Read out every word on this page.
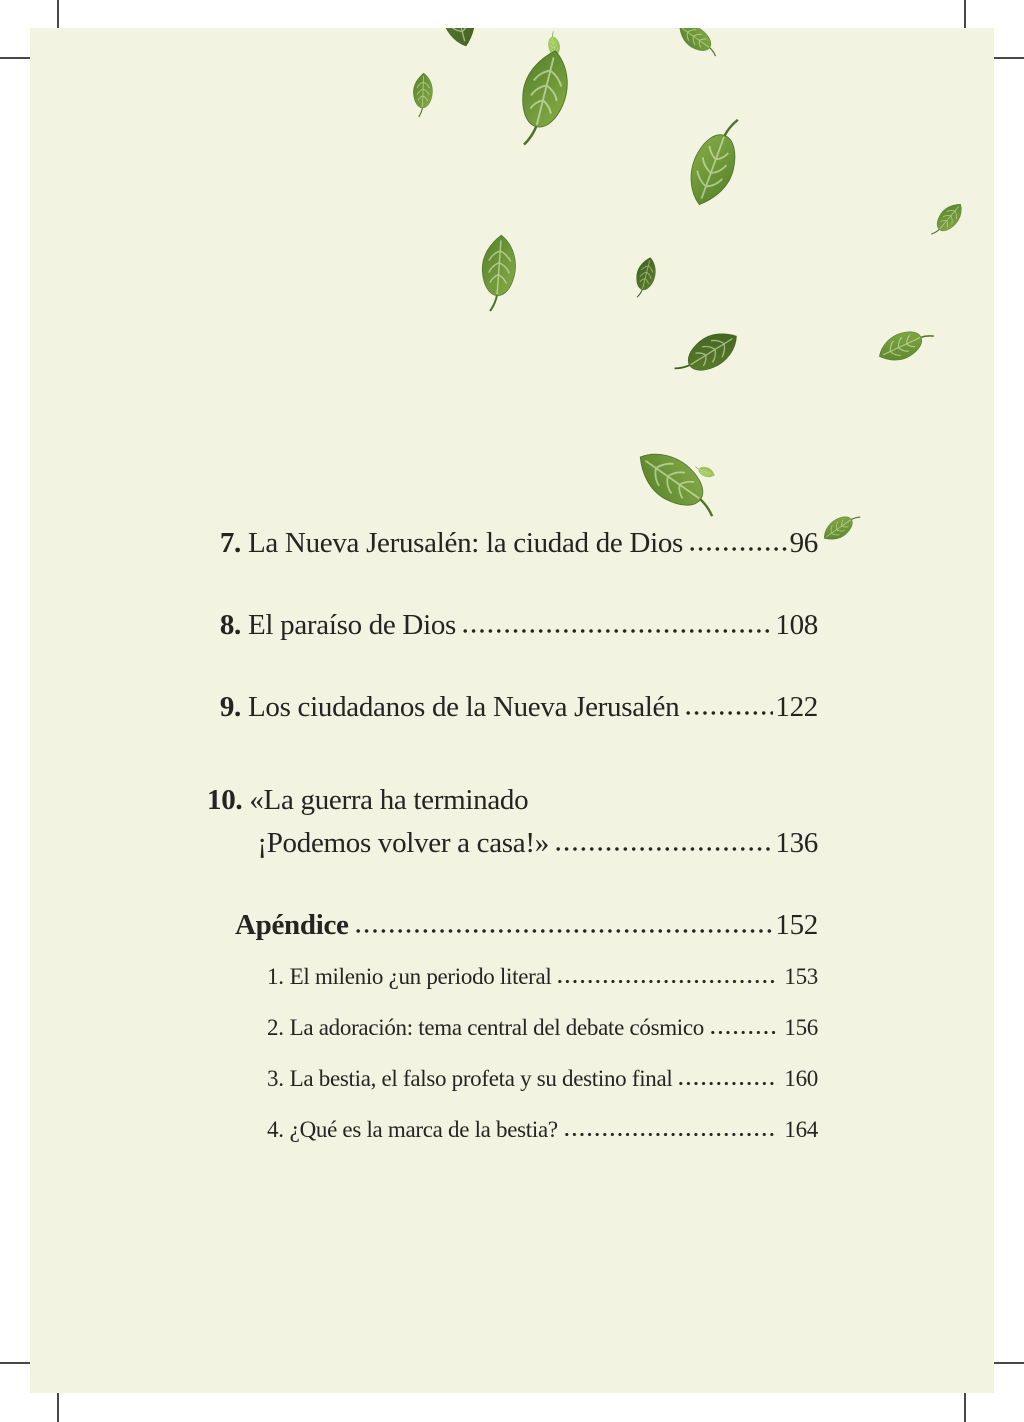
7. La Nueva Jerusalén: la ciudad de Dios	96
8. El paraíso de Dios	108
9. Los ciudadanos de la Nueva Jerusalén	122
10. «La guerra ha terminado
¡Podemos volver a casa!»	136
Apéndice	152
1. El milenio ¿un periodo literal	153
2. La adoración: tema central del debate cósmico	156
3. La bestia, el falso profeta y su destino final	160
4. ¿Qué es la marca de la bestia?	164
